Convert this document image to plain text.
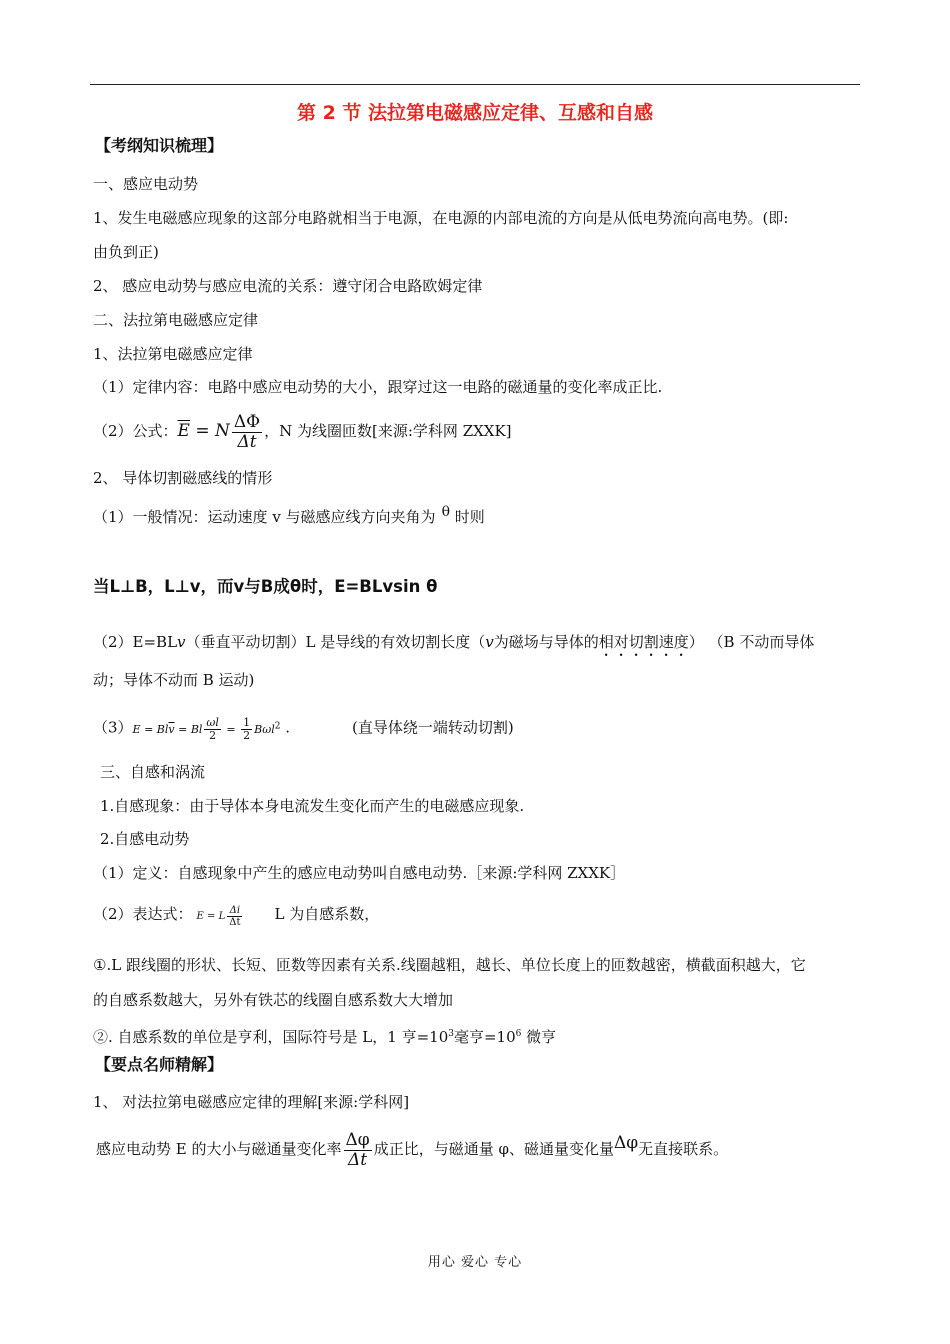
第 2 节 法拉第电磁感应定律、互感和自感
【考纲知识梳理】
一、感应电动势
1、发生电磁感应现象的这部分电路就相当于电源，在电源的内部电流的方向是从低电势流向高电势。(即:
由负到正)
2、 感应电动势与感应电流的关系：遵守闭合电路欧姆定律
二、法拉第电磁感应定律
1、法拉第电磁感应定律
（1）定律内容：电路中感应电动势的大小，跟穿过这一电路的磁通量的变化率成正比.
（2）公式：$\overline{E} = N \frac{\Delta\Phi}{\Delta t}$ ，N 为线圈匝数[来源:学科网 ZXXK]
2、 导体切割磁感线的情形
（1）一般情况：运动速度 v 与磁感应线方向夹角为 θ 时则
当L⊥B，L⊥v，而v与B成θ时，E=BLvsin θ
（2）E=BLv（垂直平动切割）L 是导线的有效切割长度（v为磁场与导体的相对切割速度） （B 不动而导体
动；导体不动而 B 运动)
$(3)E = Bl\overline{v} = Bl \frac{\omega l}{2} = \frac{1}{2} B\omega l^2$ .	(直导体绕一端转动切割)
三、自感和涡流
1.自感现象：由于导体本身电流发生变化而产生的电磁感应现象.
2.自感电动势
（1）定义：自感现象中产生的感应电动势叫自感电动势.［来源:学科网 ZXXK］
（2）表达式： E = L $\frac{\Delta i}{\Delta t}$ L 为自感系数，
①.L 跟线圈的形状、长短、匝数等因素有关系.线圈越粗，越长、单位长度上的匝数越密，横截面积越大，它
的自感系数越大，另外有铁芯的线圈自感系数大大增加
②. 自感系数的单位是亨利，国际符号是 L，1 亨$=10^3$毫亨$=10^6$ 微亨
【要点名师精解】
1、 对法拉第电磁感应定律的理解[来源:学科网]
感应电动势 E 的大小与磁通量变化率 $\frac{\Delta\varphi}{\Delta t}$ 成正比，与磁通量 φ、磁通量变化量Δφ无直接联系。
用心 爱心 专心
